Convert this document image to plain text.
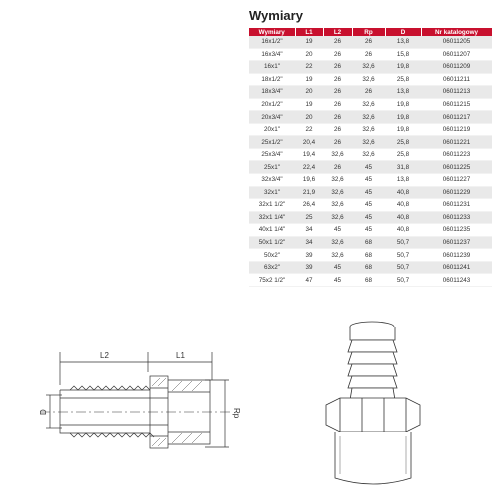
Wymiary
Wymiary	L1	L2	Rp	D	Nr katalogowy
16x1/2"	19	26	26	13,8	06011205
16x3/4"	20	26	26	15,8	06011207
16x1"	22	26	32,6	19,8	06011209
18x1/2"	19	26	32,6	25,8	06011211
18x3/4"	20	26	26	13,8	06011213
20x1/2"	19	26	32,6	19,8	06011215
20x3/4"	20	26	32,6	19,8	06011217
20x1"	22	26	32,6	19,8	06011219
25x1/2"	20,4	26	32,6	25,8	06011221
25x3/4"	19,4	32,6	32,6	25,8	06011223
25x1"	22,4	26	45	31,8	06011225
32x3/4"	19,6	32,6	45	13,8	06011227
32x1"	21,9	32,6	45	40,8	06011229
32x1 1/2"	26,4	32,6	45	40,8	06011231
32x1 1/4"	25	32,6	45	40,8	06011233
40x1 1/4"	34	45	45	40,8	06011235
50x1 1/2"	34	32,6	68	50,7	06011237
50x2"	39	32,6	68	50,7	06011239
63x2"	39	45	68	50,7	06011241
75x2 1/2"	47	45	68	50,7	06011243
L2	L1
D	Rp
